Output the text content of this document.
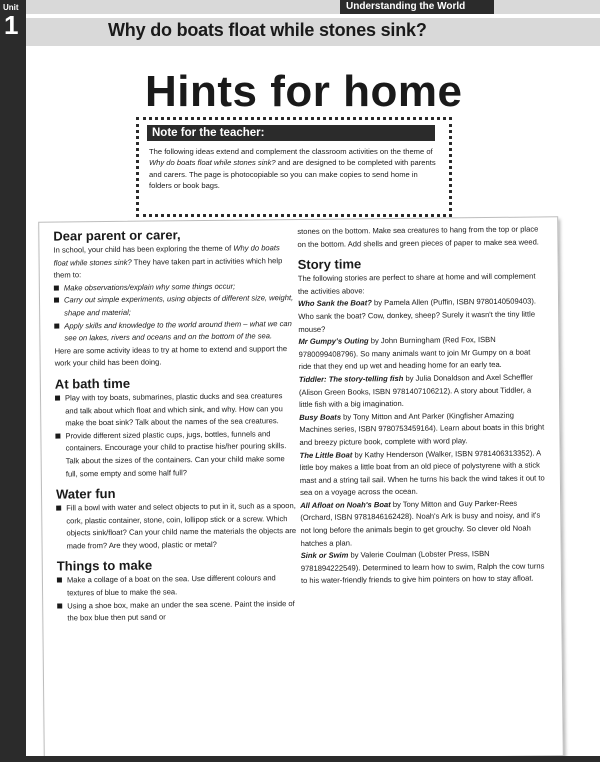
Unit
1
Understanding the World
Why do boats float while stones sink?
Hints for home
Note for the teacher:
The following ideas extend and complement the classroom activities on the theme of Why do boats float while stones sink? and are designed to be completed with parents and carers. The page is photocopiable so you can make copies to send home in folders or book bags.
Dear parent or carer,

In school, your child has been exploring the theme of Why do boats float while stones sink? They have taken part in activities which help them to:

Make observations/explain why some things occur;
Carry out simple experiments, using objects of different size, weight, shape and material;
Apply skills and knowledge to the world around them – what we can see on lakes, rivers and oceans and on the bottom of the sea.

Here are some activity ideas to try at home to extend and support the work your child has been doing.

At bath time
Play with toy boats, submarines, plastic ducks and sea creatures and talk about which float and which sink, and why. How can you make the boat sink? Talk about the names of the sea creatures.
Provide different sized plastic cups, jugs, bottles, funnels and containers. Encourage your child to practise his/her pouring skills. Talk about the sizes of the containers. Can your child make some full, some empty and some half full?
Water fun
Fill a bowl with water and select objects to put in it, such as a spoon, cork, plastic container, stone, coin, lollipop stick or a screw. Which objects sink/float? Can your child name the materials the objects are made from? Are they wood, plastic or metal?
Things to make
Make a collage of a boat on the sea. Use different colours and textures of blue to make the sea.
Using a shoe box, make an under the sea scene. Paint the inside of the box blue then put sand or

stones on the bottom. Make sea creatures to hang from the top or place on the bottom. Add shells and green pieces of paper to make sea weed.

Story time

The following stories are perfect to share at home and will complement the activities above:

Who Sank the Boat? by Pamela Allen (Puffin, ISBN 9780140509403). Who sank the boat? Cow, donkey, sheep? Surely it wasn't the tiny little mouse?

Mr Gumpy's Outing by John Burningham (Red Fox, ISBN 9780099408796). So many animals want to join Mr Gumpy on a boat ride that they end up wet and heading home for an early tea.

Tiddler: The story-telling fish by Julia Donaldson and Axel Scheffler (Alison Green Books, ISBN 9781407106212). A story about Tiddler, a little fish with a big imagination.

Busy Boats by Tony Mitton and Ant Parker (Kingfisher Amazing Machines series, ISBN 9780753459164). Learn about boats in this bright and breezy picture book, complete with word play.

The Little Boat by Kathy Henderson (Walker, ISBN 9781406313352). A little boy makes a little boat from an old piece of polystyrene with a stick mast and a string tail sail. When he turns his back the wind takes it out to sea on a voyage across the ocean.

All Afloat on Noah's Boat by Tony Mitton and Guy Parker-Rees (Orchard, ISBN 9781846162428). Noah's Ark is busy and noisy, and it's not long before the animals begin to get grouchy. So clever old Noah hatches a plan.

Sink or Swim by Valerie Coulman (Lobster Press, ISBN 9781894222549). Determined to learn how to swim, Ralph the cow turns to his water-friendly friends to give him pointers on how to stay afloat.
